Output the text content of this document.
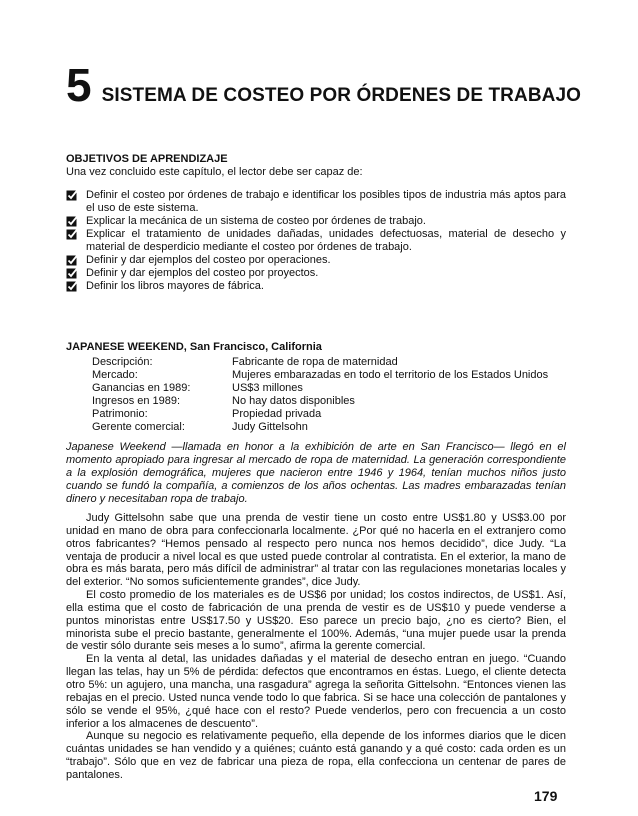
5 SISTEMA DE COSTEO POR ÓRDENES DE TRABAJO
OBJETIVOS DE APRENDIZAJE
Una vez concluido este capítulo, el lector debe ser capaz de:
Definir el costeo por órdenes de trabajo e identificar los posibles tipos de industria más aptos para el uso de este sistema.
Explicar la mecánica de un sistema de costeo por órdenes de trabajo.
Explicar el tratamiento de unidades dañadas, unidades defectuosas, material de desecho y material de desperdicio mediante el costeo por órdenes de trabajo.
Definir y dar ejemplos del costeo por operaciones.
Definir y dar ejemplos del costeo por proyectos.
Definir los libros mayores de fábrica.
JAPANESE WEEKEND, San Francisco, California
Descripción:	Fabricante de ropa de maternidad
Mercado:	Mujeres embarazadas en todo el territorio de los Estados Unidos
Ganancias en 1989:	US$3 millones
Ingresos en 1989:	No hay datos disponibles
Patrimonio:	Propiedad privada
Gerente comercial:	Judy Gittelsohn

Japanese Weekend —llamada en honor a la exhibición de arte en San Francisco— llegó en el momento apropiado para ingresar al mercado de ropa de maternidad. La generación correspondiente a la explosión demográfica, mujeres que nacieron entre 1946 y 1964, tenían muchos niños justo cuando se fundó la compañía, a comienzos de los años ochentas. Las madres embarazadas tenían dinero y necesitaban ropa de trabajo.

Judy Gittelsohn sabe que una prenda de vestir tiene un costo entre US$1.80 y US$3.00 por unidad en mano de obra para confeccionarla localmente. ¿Por qué no hacerla en el extranjero como otros fabricantes? “Hemos pensado al respecto pero nunca nos hemos decidido”, dice Judy. “La ventaja de producir a nivel local es que usted puede controlar al contratista. En el exterior, la mano de obra es más barata, pero más difícil de administrar” al tratar con las regulaciones monetarias locales y del exterior. “No somos suficientemente grandes”, dice Judy.

El costo promedio de los materiales es de US$6 por unidad; los costos indirectos, de US$1. Así, ella estima que el costo de fabricación de una prenda de vestir es de US$10 y puede venderse a puntos minoristas entre US$17.50 y US$20. Eso parece un precio bajo, ¿no es cierto? Bien, el minorista sube el precio bastante, generalmente el 100%. Además, “una mujer puede usar la prenda de vestir sólo durante seis meses a lo sumo”, afirma la gerente comercial.

En la venta al detal, las unidades dañadas y el material de desecho entran en juego. “Cuando llegan las telas, hay un 5% de pérdida: defectos que encontramos en éstas. Luego, el cliente detecta otro 5%: un agujero, una mancha, una rasgadura” agrega la señorita Gittelsohn. “Entonces vienen las rebajas en el precio. Usted nunca vende todo lo que fabrica. Si se hace una colección de pantalones y sólo se vende el 95%, ¿qué hace con el resto? Puede venderlos, pero con frecuencia a un costo inferior a los almacenes de descuento”.

Aunque su negocio es relativamente pequeño, ella depende de los informes diarios que le dicen cuántas unidades se han vendido y a quiénes; cuánto está ganando y a qué costo: cada orden es un “trabajo”. Sólo que en vez de fabricar una pieza de ropa, ella confecciona un centenar de pares de pantalones.

179
